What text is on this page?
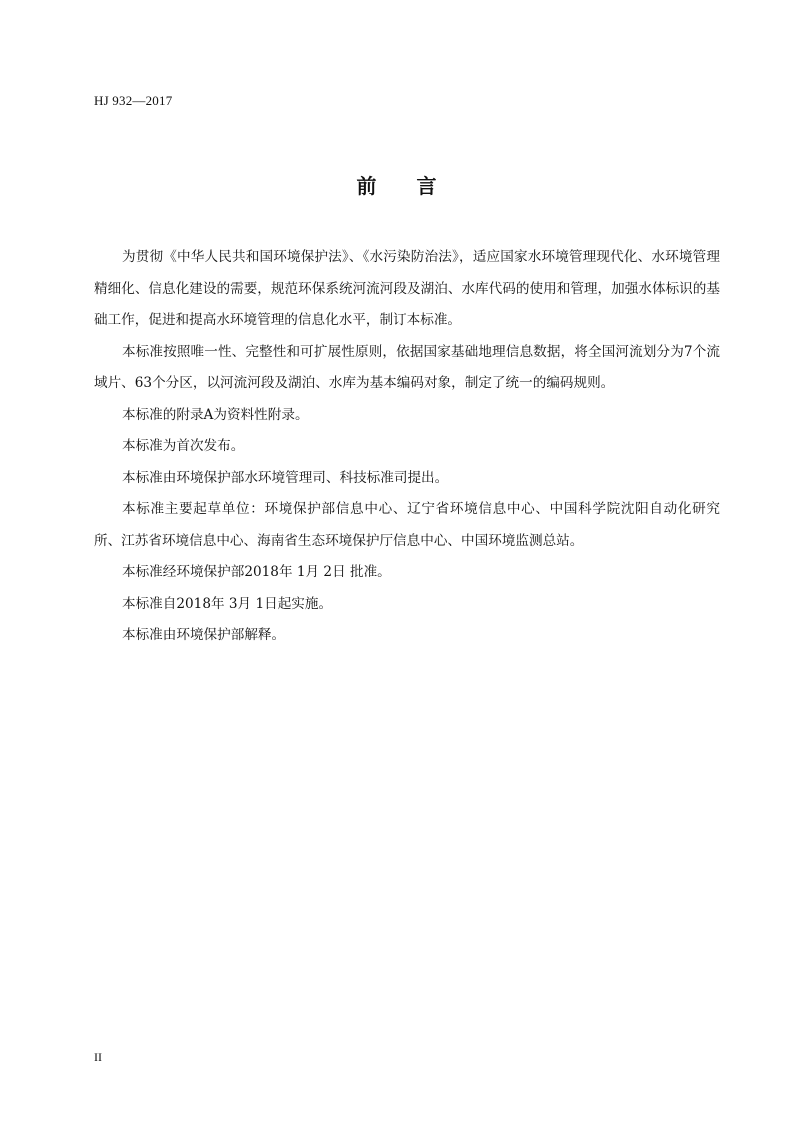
HJ 932—2017
前 言

为贯彻《中华人民共和国环境保护法》、《水污染防治法》，适应国家水环境管理现代化、水环境管理精细化、信息化建设的需要，规范环保系统河流河段及湖泊、水库代码的使用和管理，加强水体标识的基础工作，促进和提高水环境管理的信息化水平，制订本标准。

本标准按照唯一性、完整性和可扩展性原则，依据国家基础地理信息数据，将全国河流划分为7个流域片、63个分区，以河流河段及湖泊、水库为基本编码对象，制定了统一的编码规则。

本标准的附录A为资料性附录。

本标准为首次发布。

本标准由环境保护部水环境管理司、科技标准司提出。

本标准主要起草单位：环境保护部信息中心、辽宁省环境信息中心、中国科学院沈阳自动化研究所、江苏省环境信息中心、海南省生态环境保护厅信息中心、中国环境监测总站。

本标准经环境保护部2018年 1月 2日 批准。

本标准自2018年 3月 1日起实施。

本标准由环境保护部解释。

II
